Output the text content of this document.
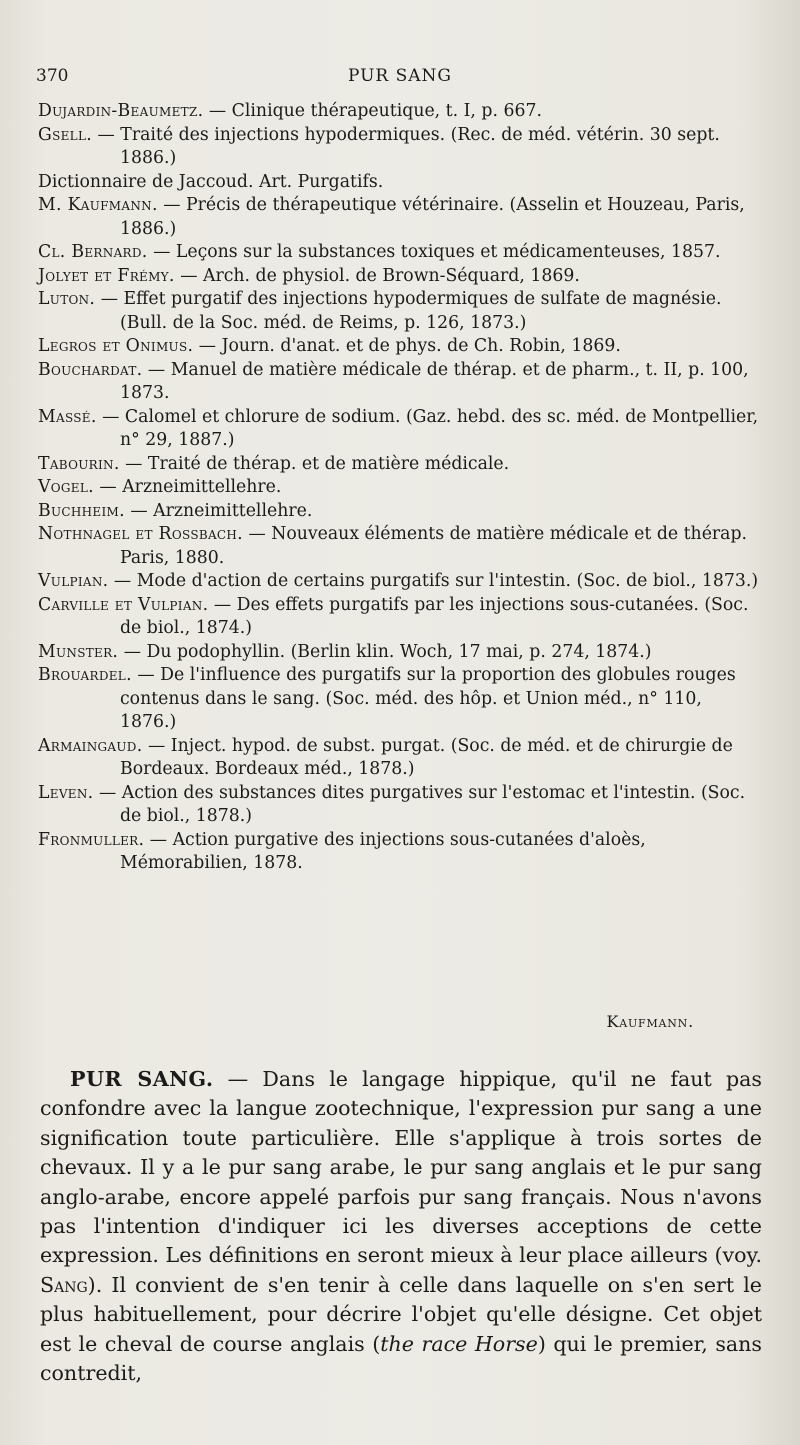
370	PUR SANG

Dujardin-Beaumetz. — Clinique thérapeutique, t. I, p. 667.

Gsell. — Traité des injections hypodermiques. (Rec. de méd. vétérin. 30 sept. 1886.)

Dictionnaire de Jaccoud. Art. Purgatifs.

M. Kaufmann. — Précis de thérapeutique vétérinaire. (Asselin et Houzeau, Paris, 1886.)

Cl. Bernard. — Leçons sur la substances toxiques et médicamenteuses, 1857.

Jolyet et Frémy. — Arch. de physiol. de Brown-Séquard, 1869.

Luton. — Effet purgatif des injections hypodermiques de sulfate de magnésie. (Bull. de la Soc. méd. de Reims, p. 126, 1873.)

Legros et Onimus. — Journ. d'anat. et de phys. de Ch. Robin, 1869.

Bouchardat. — Manuel de matière médicale de thérap. et de pharm., t. II, p. 100, 1873.

Massé. — Calomel et chlorure de sodium. (Gaz. hebd. des sc. méd. de Montpellier, n° 29, 1887.)

Tabourin. — Traité de thérap. et de matière médicale.

Vogel. — Arzneimittellehre.

Buchheim. — Arzneimittellehre.

Nothnagel et Rossbach. — Nouveaux éléments de matière médicale et de thérap. Paris, 1880.

Vulpian. — Mode d'action de certains purgatifs sur l'intestin. (Soc. de biol., 1873.)

Carville et Vulpian. — Des effets purgatifs par les injections sous-cutanées. (Soc. de biol., 1874.)

Munster. — Du podophyllin. (Berlin klin. Woch, 17 mai, p. 274, 1874.)

Brouardel. — De l'influence des purgatifs sur la proportion des globules rouges contenus dans le sang. (Soc. méd. des hôp. et Union méd., n° 110, 1876.)

Armaingaud. — Inject. hypod. de subst. purgat. (Soc. de méd. et de chirurgie de Bordeaux. Bordeaux méd., 1878.)

Leven. — Action des substances dites purgatives sur l'estomac et l'intestin. (Soc. de biol., 1878.)

Fronmuller. — Action purgative des injections sous-cutanées d'aloès, Mémorabilien, 1878.

Kaufmann.

PUR SANG. — Dans le langage hippique, qu'il ne faut pas confondre avec la langue zootechnique, l'expression pur sang a une signification toute particulière. Elle s'applique à trois sortes de chevaux. Il y a le pur sang arabe, le pur sang anglais et le pur sang anglo-arabe, encore appelé parfois pur sang français. Nous n'avons pas l'intention d'indiquer ici les diverses acceptions de cette expression. Les définitions en seront mieux à leur place ailleurs (voy. Sang). Il convient de s'en tenir à celle dans laquelle on s'en sert le plus habituellement, pour décrire l'objet qu'elle désigne. Cet objet est le cheval de course anglais (the race Horse) qui le premier, sans contredit,
